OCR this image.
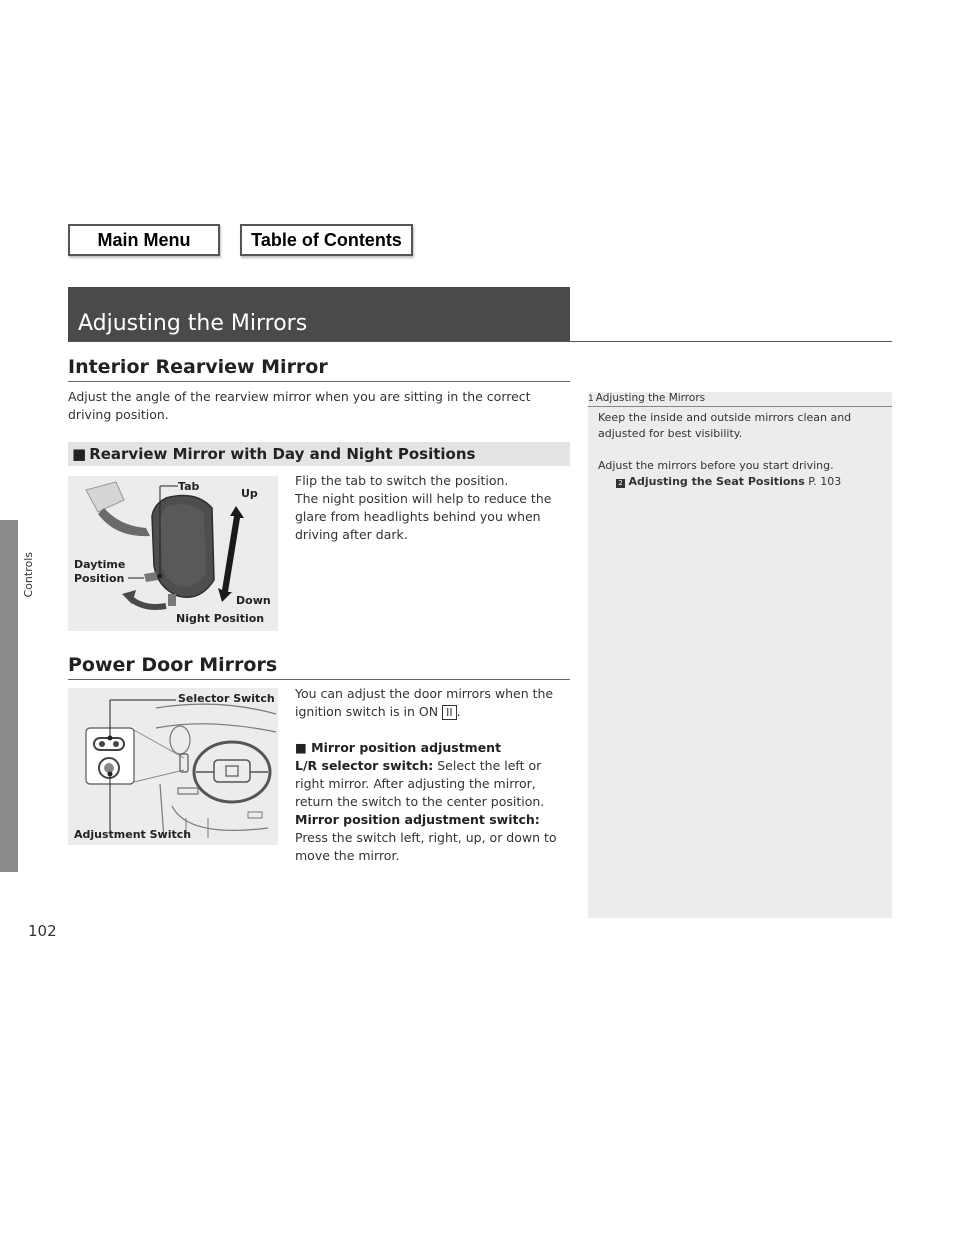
Main Menu	Table of Contents
Controls
Adjusting the Mirrors
Interior Rearview Mirror
Adjust the angle of the rearview mirror when you are sitting in the correct driving position.
■ Rearview Mirror with Day and Night Positions
Tab
Up
Daytime
Position
Down
Night Position
Flip the tab to switch the position.
The night position will help to reduce the glare from headlights behind you when driving after dark.
Power Door Mirrors
Selector Switch
Adjustment Switch
You can adjust the door mirrors when the ignition switch is in ON II .
■ Mirror position adjustment
L/R selector switch: Select the left or right mirror. After adjusting the mirror, return the switch to the center position.
Mirror position adjustment switch: Press the switch left, right, up, or down to move the mirror.
1 Adjusting the Mirrors
Keep the inside and outside mirrors clean and adjusted for best visibility.
Adjust the mirrors before you start driving.
2 Adjusting the Seat Positions P. 103
102
